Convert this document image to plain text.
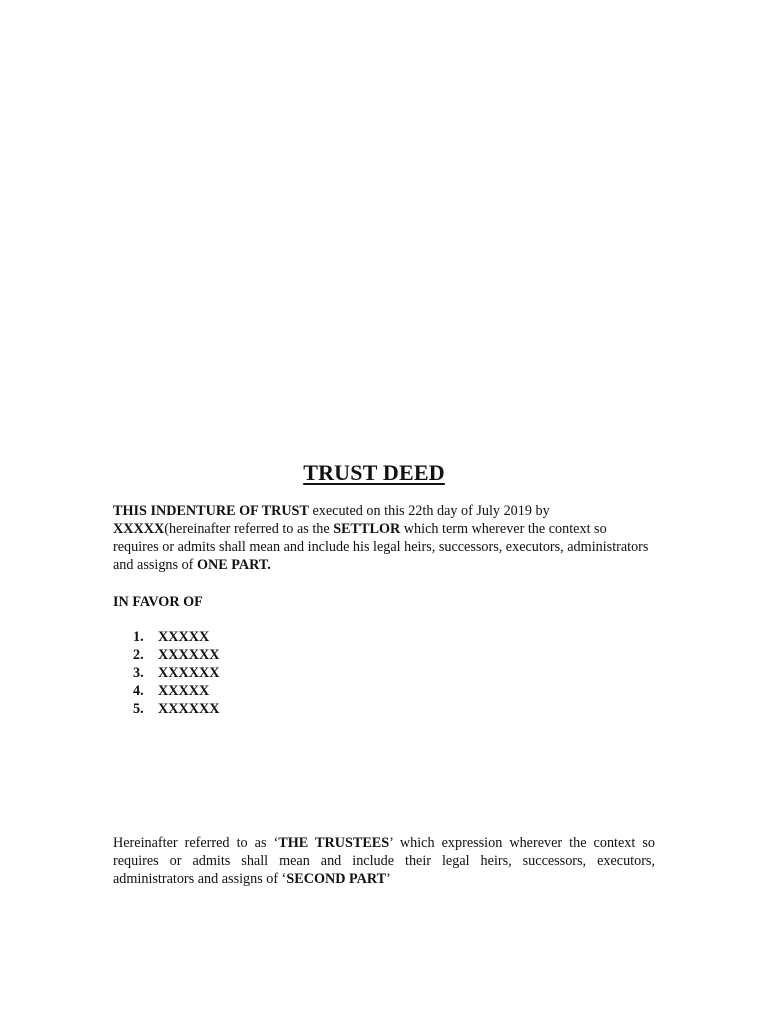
TRUST DEED
THIS INDENTURE OF TRUST executed on this 22th day of July 2019 by XXXXX(hereinafter referred to as the SETTLOR which term wherever the context so requires or admits shall mean and include his legal heirs, successors, executors, administrators and assigns of ONE PART.
IN FAVOR OF
1.	XXXXX
2.	XXXXXX
3.	XXXXXX
4.	XXXXX
5.	XXXXXX
Hereinafter referred to as ‘THE TRUSTEES’ which expression wherever the context so requires or admits shall mean and include their legal heirs, successors, executors, administrators and assigns of ‘SECOND PART’
